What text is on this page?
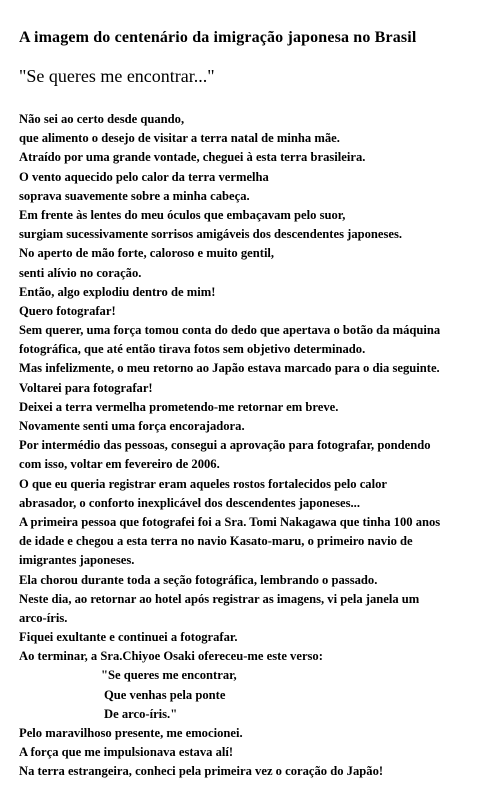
A imagem do centenário da imigração japonesa no Brasil
"Se queres me encontrar..."
Não sei ao certo desde quando,
que alimento o desejo de visitar a terra natal de minha mãe.
Atraído por uma grande vontade, cheguei à esta terra brasileira.
O vento aquecido pelo calor da terra vermelha
soprava suavemente sobre a minha cabeça.
Em frente às lentes do meu óculos que embaçavam pelo suor,
surgiam sucessivamente sorrisos amigáveis dos descendentes japoneses.
No aperto de mão forte, caloroso e muito gentil,
senti alívio no coração.
Então, algo explodiu dentro de mim!
Quero fotografar!
Sem querer, uma força tomou conta do dedo que apertava o botão da máquina
fotográfica, que até então tirava fotos sem objetivo determinado.
Mas infelizmente, o meu retorno ao Japão estava marcado para o dia seguinte.
Voltarei para fotografar!
Deixei a terra vermelha prometendo-me retornar em breve.
Novamente senti uma força encorajadora.
Por intermédio das pessoas, consegui a aprovação para fotografar, pondendo
com isso, voltar em fevereiro de 2006.
O que eu queria registrar eram aqueles rostos fortalecidos pelo calor
abrasador, o conforto inexplicável dos descendentes japoneses...
A primeira pessoa que fotografei foi a Sra. Tomi Nakagawa que tinha 100 anos
de idade e chegou a esta terra no navio Kasato-maru, o primeiro navio de
imigrantes japoneses.
Ela chorou durante toda a seção fotográfica, lembrando o passado.
Neste dia, ao retornar ao hotel após registrar as imagens, vi pela janela um
arco-íris.
Fiquei exultante e continuei a fotografar.
Ao terminar, a Sra.Chiyoe Osaki ofereceu-me este verso:
"Se queres me encontrar,
Que venhas pela ponte
De arco-íris."
Pelo maravilhoso presente, me emocionei.
A força que me impulsionava estava alí!
Na terra estrangeira, conheci pela primeira vez o coração do Japão!
